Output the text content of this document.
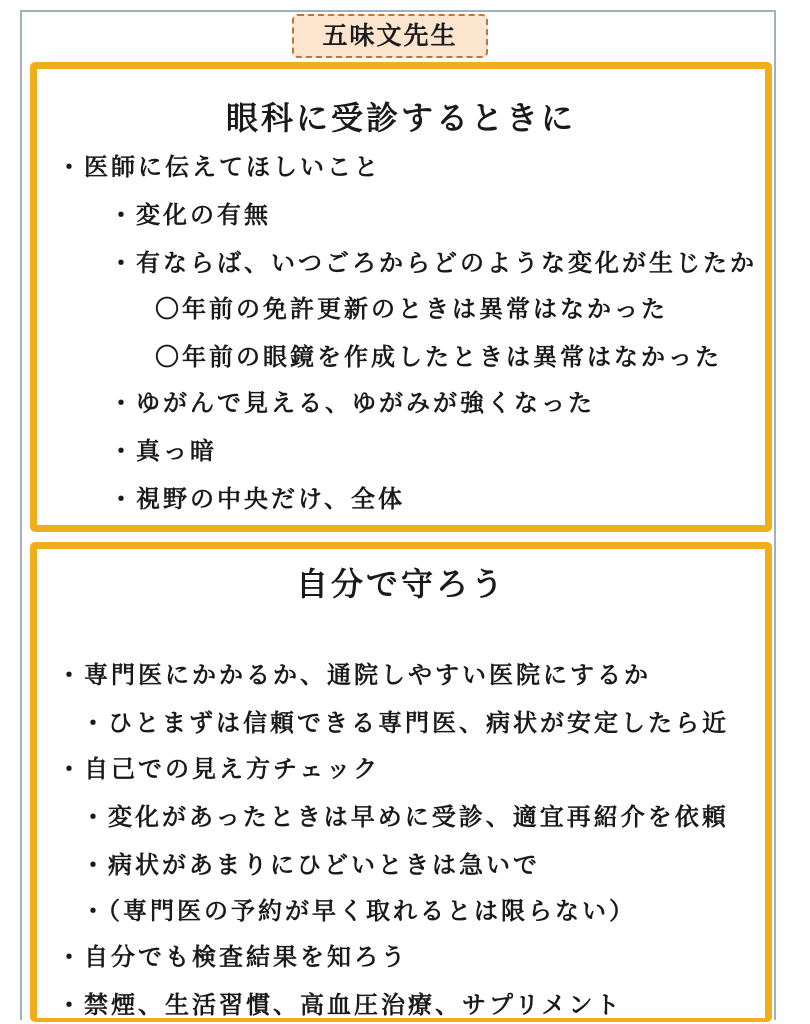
五味文先生
眼科に受診するときに
・医師に伝えてほしいこと
・変化の有無
・有ならば、いつごろからどのような変化が生じたか
〇年前の免許更新のときは異常はなかった
〇年前の眼鏡を作成したときは異常はなかった
・ゆがんで見える、ゆがみが強くなった
・真っ暗
・視野の中央だけ、全体
自分で守ろう
・専門医にかかるか、通院しやすい医院にするか
・ひとまずは信頼できる専門医、病状が安定したら近
・自己での見え方チェック
・変化があったときは早めに受診、適宜再紹介を依頼
・病状があまりにひどいときは急いで
・（専門医の予約が早く取れるとは限らない）
・自分でも検査結果を知ろう
・禁煙、生活習慣、高血圧治療、サプリメント
